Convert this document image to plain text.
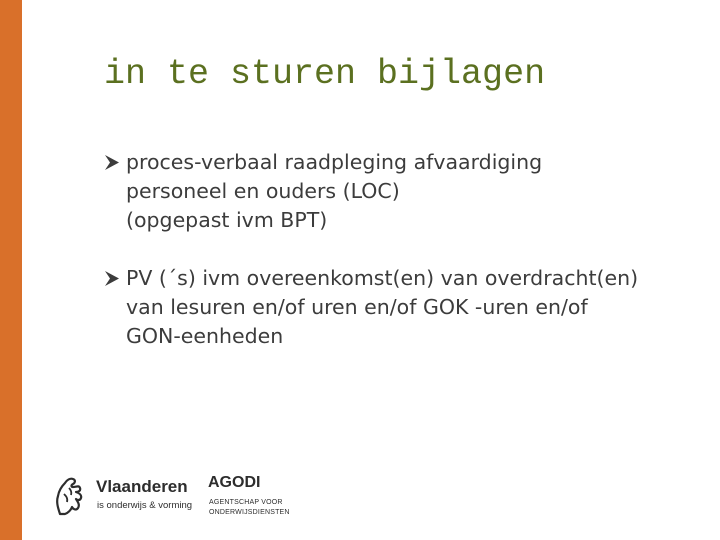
in te sturen bijlagen
proces-verbaal raadpleging afvaardiging
personeel en ouders (LOC)
(opgepast ivm BPT)
PV (´s) ivm overeenkomst(en) van overdracht(en)
van lesuren en/of uren en/of GOK -uren en/of
GON-eenheden
Vlaanderen
is onderwijs & vorming
AGODI
AGENTSCHAP VOOR
ONDERWIJSDIENSTEN
